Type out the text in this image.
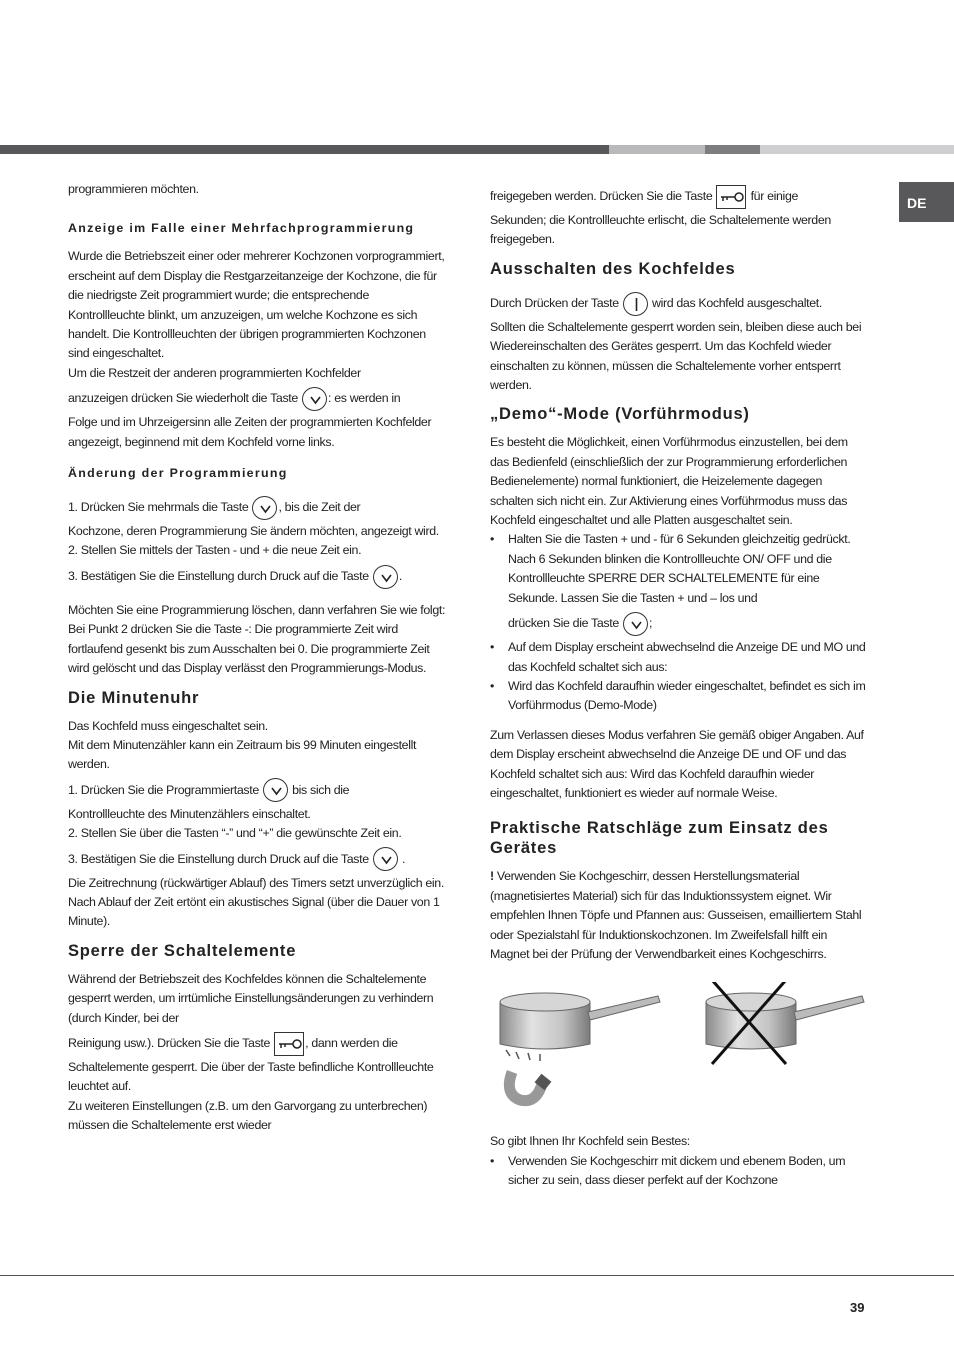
DE

programmieren möchten.

Anzeige im Falle einer Mehrfachprogrammierung

Wurde die Betriebszeit einer oder mehrerer Kochzonen vorprogrammiert, erscheint auf dem Display die Restgarzeitanzeige der Kochzone, die für die niedrigste Zeit programmiert wurde; die entsprechende Kontrollleuchte blinkt, um anzuzeigen, um welche Kochzone es sich handelt. Die Kontrollleuchten der übrigen programmierten Kochzonen sind eingeschaltet.

Um die Restzeit der anderen programmierten Kochfelder

anzuzeigen drücken Sie wiederholt die Taste : es werden in

Folge und im Uhrzeigersinn alle Zeiten der programmierten Kochfelder angezeigt, beginnend mit dem Kochfeld vorne links.

Änderung der Programmierung

1. Drücken Sie mehrmals die Taste , bis die Zeit der

Kochzone, deren Programmierung Sie ändern möchten, angezeigt wird.

2. Stellen Sie mittels der Tasten - und + die neue Zeit ein.

3. Bestätigen Sie die Einstellung durch Druck auf die Taste .

Möchten Sie eine Programmierung löschen, dann verfahren Sie wie folgt: Bei Punkt 2 drücken Sie die Taste -: Die programmierte Zeit wird fortlaufend gesenkt bis zum Ausschalten bei 0. Die programmierte Zeit wird gelöscht und das Display verlässt den Programmierungs-Modus.

Die Minutenuhr

Das Kochfeld muss eingeschaltet sein.

Mit dem Minutenzähler kann ein Zeitraum bis 99 Minuten eingestellt werden.

1. Drücken Sie die Programmiertaste	bis sich die

Kontrollleuchte des Minutenzählers einschaltet.

2. Stellen Sie über die Tasten “-” und “+” die gewünschte Zeit ein.

3. Bestätigen Sie die Einstellung durch Druck auf die Taste	.

Die Zeitrechnung (rückwärtiger Ablauf) des Timers setzt unverzüglich ein. Nach Ablauf der Zeit ertönt ein akustisches Signal (über die Dauer von 1 Minute).

Sperre der Schaltelemente

Während der Betriebszeit des Kochfeldes können die Schaltelemente gesperrt werden, um irrtümliche Einstellungsänderungen zu verhindern (durch Kinder, bei der

Reinigung usw.). Drücken Sie die Taste	, dann werden die

Schaltelemente gesperrt. Die über der Taste befindliche Kontrollleuchte leuchtet auf.

Zu weiteren Einstellungen (z.B. um den Garvorgang zu unterbrechen) müssen die Schaltelemente erst wieder

freigegeben werden. Drücken Sie die Taste	für einige

Sekunden; die Kontrollleuchte erlischt, die Schaltelemente werden freigegeben.

Ausschalten des Kochfeldes

Durch Drücken der Taste	wird das Kochfeld ausgeschaltet.

Sollten die Schaltelemente gesperrt worden sein, bleiben diese auch bei Wiedereinschalten des Gerätes gesperrt. Um das Kochfeld wieder einschalten zu können, müssen die Schaltelemente vorher entsperrt werden.

„Demo“-Mode (Vorführmodus)

Es besteht die Möglichkeit, einen Vorführmodus einzustellen, bei dem das Bedienfeld (einschließlich der zur Programmierung erforderlichen Bedienelemente) normal funktioniert, die Heizelemente dagegen schalten sich nicht ein. Zur Aktivierung eines Vorführmodus muss das Kochfeld eingeschaltet und alle Platten ausgeschaltet sein.

• Halten Sie die Tasten + und - für 6 Sekunden gleichzeitig gedrückt. Nach 6 Sekunden blinken die Kontrollleuchte ON/ OFF und die Kontrollleuchte SPERRE DER SCHALTELEMENTE für eine Sekunde. Lassen Sie die Tasten + und – los und
drücken Sie die Taste ;
• Auf dem Display erscheint abwechselnd die Anzeige DE und MO und das Kochfeld schaltet sich aus:
• Wird das Kochfeld daraufhin wieder eingeschaltet, befindet es sich im Vorführmodus (Demo-Mode)

Zum Verlassen dieses Modus verfahren Sie gemäß obiger Angaben. Auf dem Display erscheint abwechselnd die Anzeige DE und OF und das Kochfeld schaltet sich aus: Wird das Kochfeld daraufhin wieder eingeschaltet, funktioniert es wieder auf normale Weise.

Praktische Ratschläge zum Einsatz des Gerätes

! Verwenden Sie Kochgeschirr, dessen Herstellungsmaterial (magnetisiertes Material) sich für das Induktionssystem eignet. Wir empfehlen Ihnen Töpfe und Pfannen aus: Gusseisen, emailliertem Stahl oder Spezialstahl für Induktionskochzonen. Im Zweifelsfall hilft ein Magnet bei der Prüfung der Verwendbarkeit eines Kochgeschirrs.

So gibt Ihnen Ihr Kochfeld sein Bestes:

• Verwenden Sie Kochgeschirr mit dickem und ebenem Boden, um sicher zu sein, dass dieser perfekt auf der Kochzone
39
